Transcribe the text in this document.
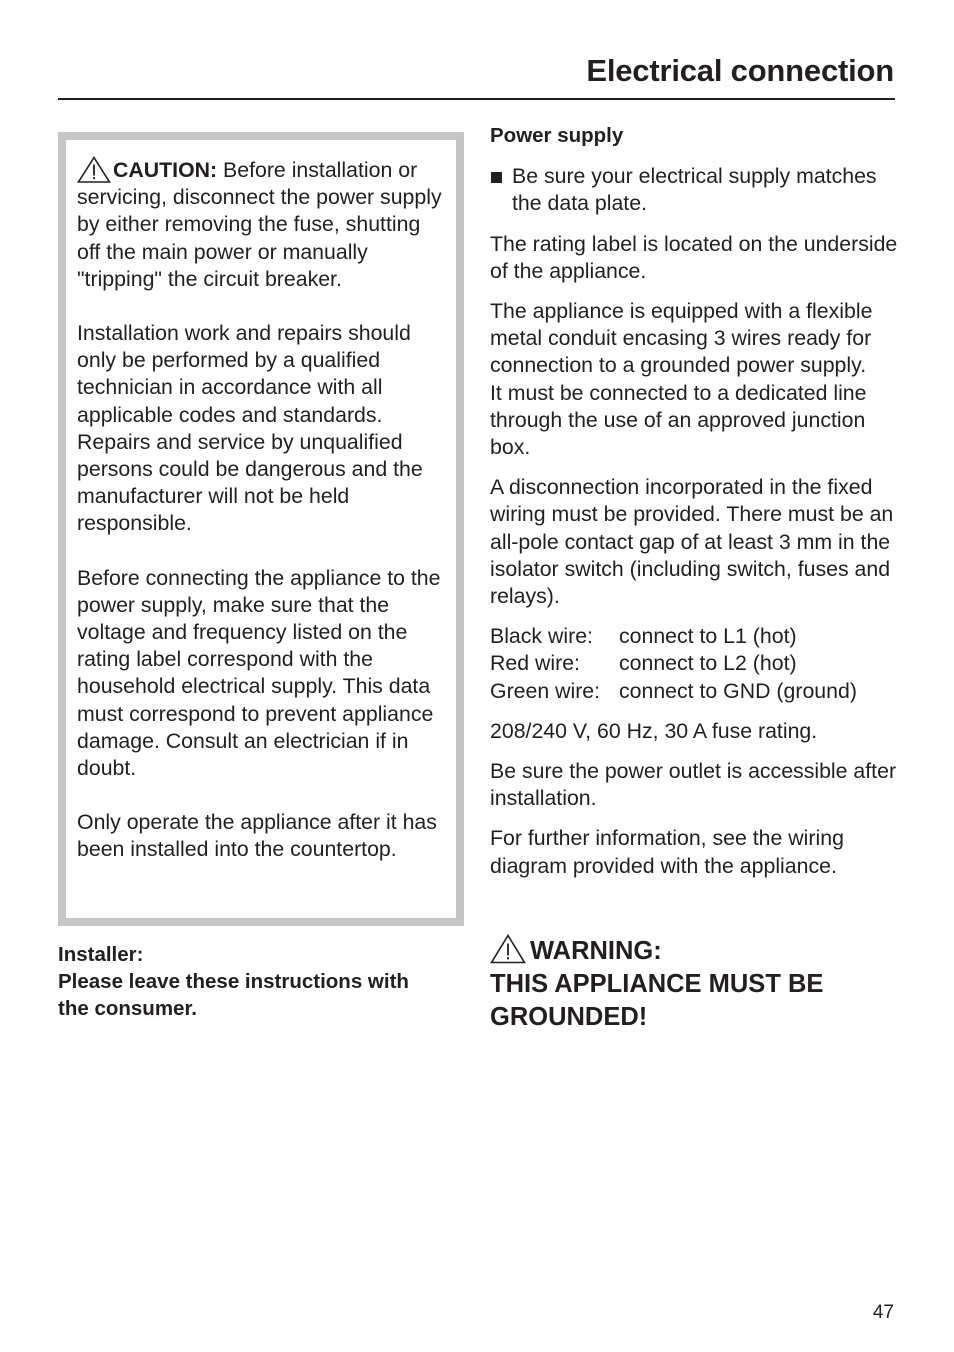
Electrical connection

CAUTION: Before installation or servicing, disconnect the power supply by either removing the fuse, shutting off the main power or manually "tripping" the circuit breaker.

Installation work and repairs should only be performed by a qualified technician in accordance with all applicable codes and standards. Repairs and service by unqualified persons could be dangerous and the manufacturer will not be held responsible.

Before connecting the appliance to the power supply, make sure that the voltage and frequency listed on the rating label correspond with the household electrical supply. This data must correspond to prevent appliance damage. Consult an electrician if in doubt.

Only operate the appliance after it has been installed into the countertop.

Installer:
Please leave these instructions with
the consumer.
Power supply
Be sure your electrical supply matches the data plate.

The rating label is located on the underside of the appliance.

The appliance is equipped with a flexible metal conduit encasing 3 wires ready for connection to a grounded power supply.

It must be connected to a dedicated line through the use of an approved junction box.

A disconnection incorporated in the fixed wiring must be provided. There must be an all-pole contact gap of at least 3 mm in the isolator switch (including switch, fuses and relays).

Black wire:	connect to L1 (hot)
Red wire:	connect to L2 (hot)
Green wire: connect to GND (ground)

208/240 V, 60 Hz, 30 A fuse rating.

Be sure the power outlet is accessible after installation.

For further information, see the wiring diagram provided with the appliance.

WARNING:
THIS APPLIANCE MUST BE
GROUNDED!
47
